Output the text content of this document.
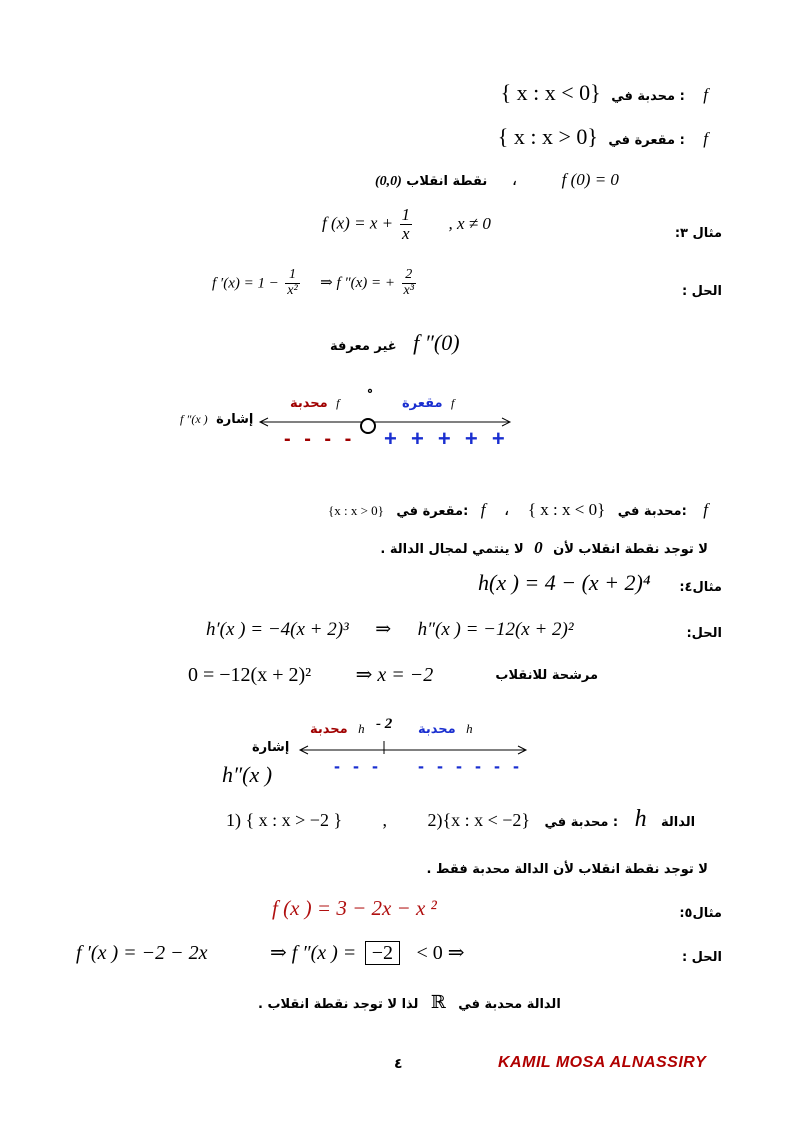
{ x : x < 0} محدبة في : f
{ x : x > 0} مقعرة في : f
نقطة انقلاب (0,0)	،	f (0) = 0
مثال ٣:
f $(x) = x + \frac{1}{x}$ , x ≠ 0
الحل :
f $'(x) = 1 - \frac{1}{\text{x²}}$ ⇒ f ″(x) = + $\frac{2}{\text{x³}}$
غير معرفة f ″(0)
f ″(x ) إشارة
محدبة f	مقعرة f
- - - - + + + + +
{x : x > 0} مقعرة في: f ، { x : x < 0} محدبة في: f
لا توجد نقطة انقلاب لأن 0 لا ينتمي لمجال الدالة .
مثال٤:
h(x ) = 4 − (x + 2)⁴
الحل:
h′(x ) = −4(x + 2)³ ⇒ h″(x ) = −12(x + 2)²
مرشحة للانقلاب
0 = −12(x + 2)² ⇒ x = −2
محدبة h - 2 محدبة h
إشارة
h″(x )	- - - - - - - - -
1) { x : x > −2 } , 2){x : x < −2} محدبة في : h الدالة
لا توجد نقطة انقلاب لأن الدالة محدبة فقط .
مثال٥:
f (x ) = 3 − 2x − x ²
الحل :
f ′(x ) = −2 − 2x	⇒ f ″(x ) = −2 < 0 ⇒
الدالة محدبة في ℝ لذا لا توجد نقطة انقلاب .
٤	KAMIL MOSA ALNASSIRY
